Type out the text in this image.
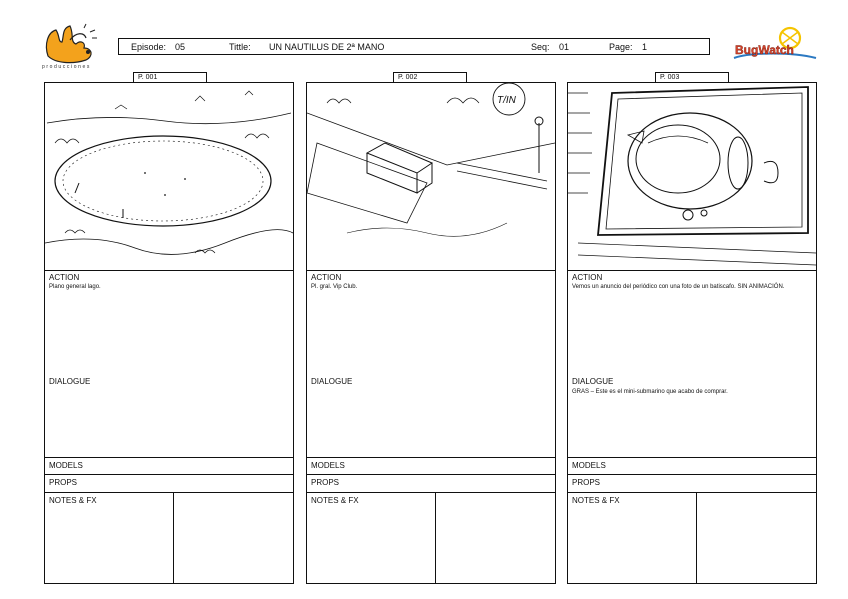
producciones
Episode: 05	Tittle: UN NAUTILUS DE 2ª MANO	Seq: 01	Page: 1	BugWatch
P. 001	P. 002	P. 003
ACTION
Plano general lago.
DIALOGUE
MODELS
PROPS
NOTES & FX
T/IN
ACTION
Pl. gral. Vip Club.
DIALOGUE
MODELS
PROPS
NOTES & FX
ACTION
Vemos un anuncio del periódico con una foto de un batiscafo. SIN ANIMACIÓN.
DIALOGUE
GRAS – Este es el mini-submarino que acabo de comprar.
MODELS
PROPS
NOTES & FX
